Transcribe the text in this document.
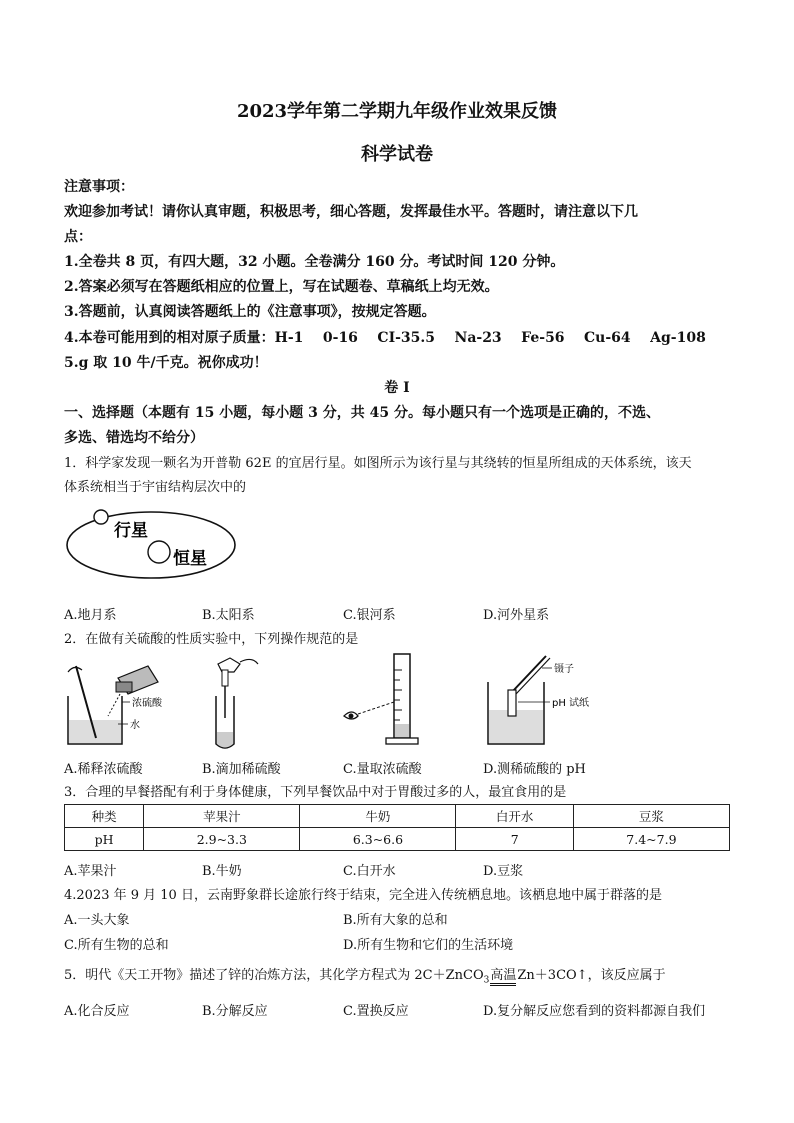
2023学年第二学期九年级作业效果反馈
科学试卷
注意事项：
欢迎参加考试！请你认真审题，积极思考，细心答题，发挥最佳水平。答题时，请注意以下几
点：
1.全卷共 8 页，有四大题，32 小题。全卷满分 160 分。考试时间 120 分钟。
2.答案必须写在答题纸相应的位置上，写在试题卷、草稿纸上均无效。
3.答题前，认真阅读答题纸上的《注意事项》，按规定答题。
4.本卷可能用到的相对原子质量：H-1    0-16    CI-35.5    Na-23    Fe-56    Cu-64    Ag-108
5.g 取 10 牛/千克。祝你成功！
卷 I
一、选择题（本题有 15 小题，每小题 3 分，共 45 分。每小题只有一个选项是正确的，不选、
多选、错选均不给分）
1．科学家发现一颗名为开普勒 62E 的宜居行星。如图所示为该行星与其绕转的恒星所组成的天体系统，该天
体系统相当于宇宙结构层次中的
行星
恒星
A.地月系	B.太阳系	C.银河系	D.河外星系
2．在做有关硫酸的性质实验中，下列操作规范的是
浓硫酸
水
镊子
pH 试纸
A.稀释浓硫酸	B.滴加稀硫酸	C.量取浓硫酸	D.测稀硫酸的 pH
3．合理的早餐搭配有利于身体健康，下列早餐饮品中对于胃酸过多的人，最宜食用的是
种类	苹果汁	牛奶	白开水	豆浆
pH	2.9~3.3	6.3~6.6	7	7.4~7.9
A.苹果汁	B.牛奶	C.白开水	D.豆浆
4.2023 年 9 月 10 日，云南野象群长途旅行终于结束，完全进入传统栖息地。该栖息地中属于群落的是
A.一头大象	B.所有大象的总和
C.所有生物的总和	D.所有生物和它们的生活环境
5．明代《天工开物》描述了锌的冶炼方法，其化学方程式为 2C＋ZnCO$_3$高温Zn＋3CO↑，该反应属于
A.化合反应	B.分解反应	C.置换反应	D.复分解反应您看到的资料都源自我们
